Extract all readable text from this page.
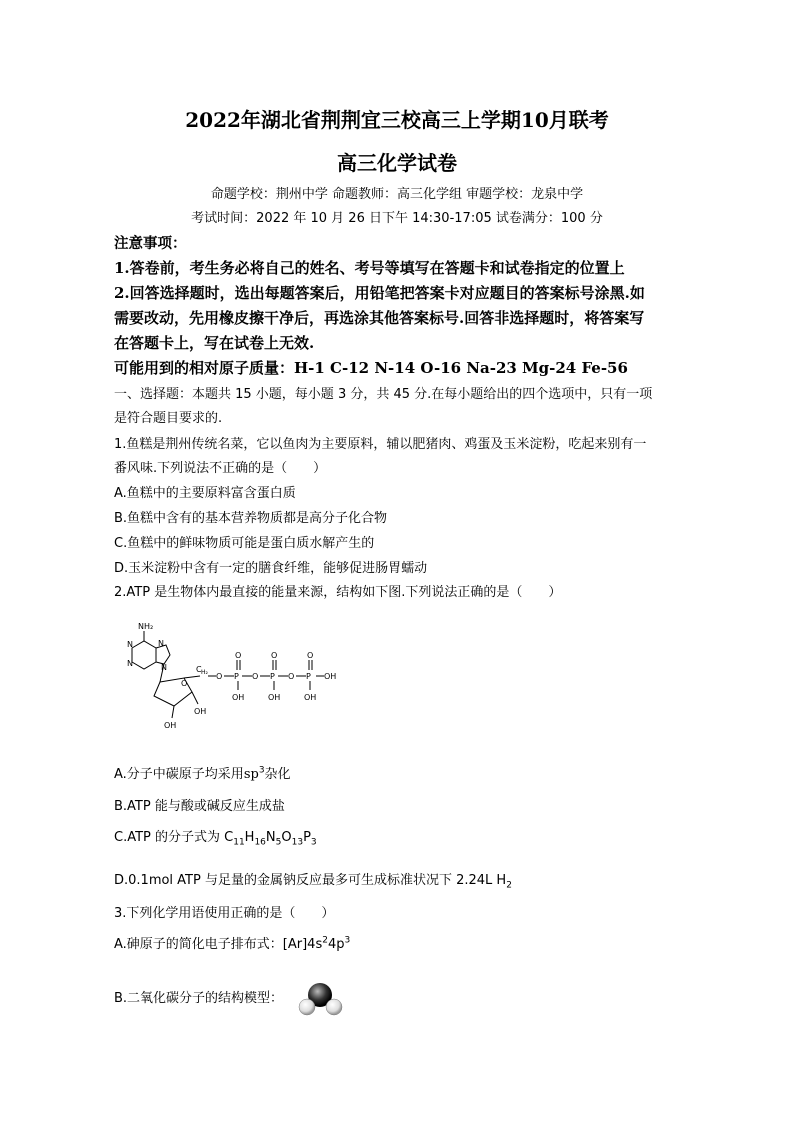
2022年湖北省荆荆宜三校高三上学期10月联考
高三化学试卷
命题学校：荆州中学 命题教师：高三化学组 审题学校：龙泉中学
考试时间：2022 年 10 月 26 日下午 14:30-17:05 试卷满分：100 分
注意事项：
1.答卷前，考生务必将自己的姓名、考号等填写在答题卡和试卷指定的位置上
2.回答选择题时，选出每题答案后，用铅笔把答案卡对应题目的答案标号涂黑.如
需要改动，先用橡皮擦干净后，再选涂其他答案标号.回答非选择题时，将答案写
在答题卡上，写在试卷上无效.
可能用到的相对原子质量：H-1 C-12 N-14 O-16 Na-23 Mg-24 Fe-56
一、选择题：本题共 15 小题，每小题 3 分，共 45 分.在每小题给出的四个选项中，只有一项
是符合题目要求的.
1.鱼糕是荆州传统名菜，它以鱼肉为主要原料，辅以肥猪肉、鸡蛋及玉米淀粉，吃起来别有一
番风味.下列说法不正确的是（　　）
A.鱼糕中的主要原料富含蛋白质
B.鱼糕中含有的基本营养物质都是高分子化合物
C.鱼糕中的鲜味物质可能是蛋白质水解产生的
D.玉米淀粉中含有一定的膳食纤维，能够促进肠胃蠕动
2.ATP 是生物体内最直接的能量来源，结构如下图.下列说法正确的是（　　）
NH₂
N
N
N
N
O
OH
OH
C H₂ O P O P O P
O	O	O
OH	OH	OH
OH
A.分子中碳原子均采用$sp^3$杂化
B.ATP 能与酸或碱反应生成盐
C.ATP 的分子式为 $C_{11}H_{16}N_5O_{13}P_3$
D.0.1mol ATP 与足量的金属钠反应最多可生成标准状况下 2.24L $H_2$
3.下列化学用语使用正确的是（　　）
A.砷原子的简化电子排布式：$[Ar]4s^24p^3$
B.二氧化碳分子的结构模型：
